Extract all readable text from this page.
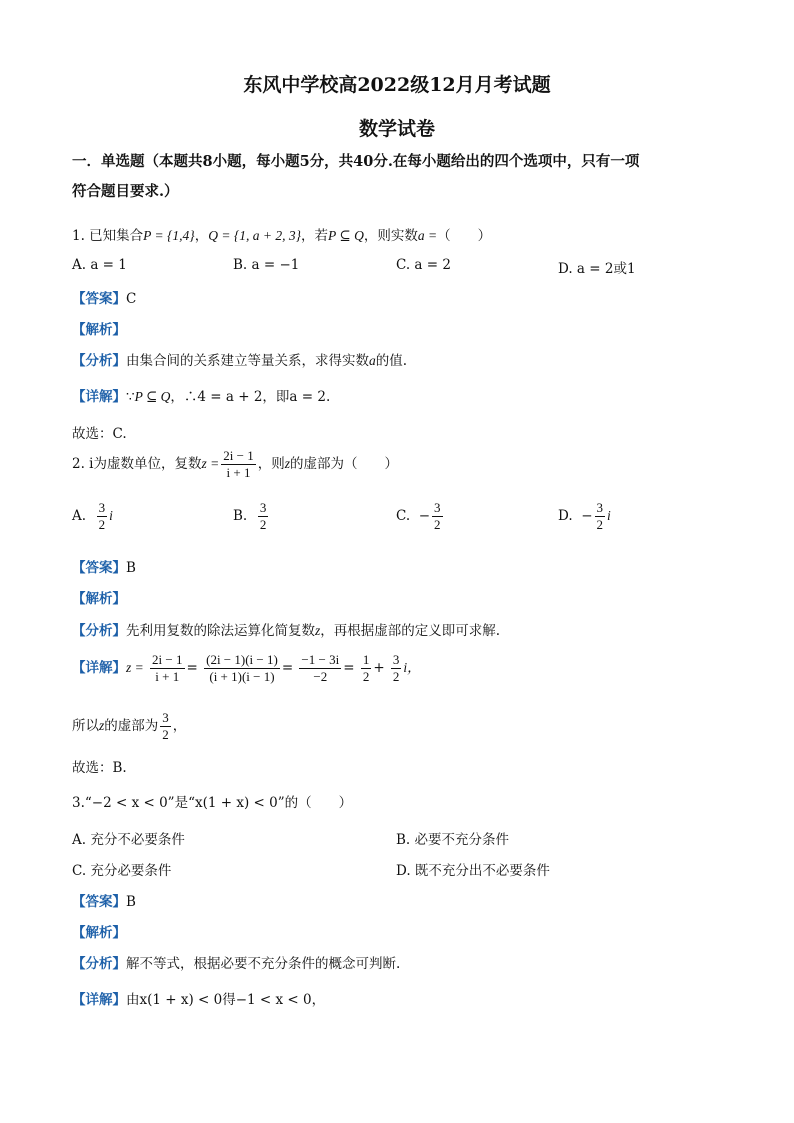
东风中学校高2022级12月月考试题
数学试卷
一．单选题（本题共8小题，每小题5分，共40分.在每小题给出的四个选项中，只有一项
符合题目要求.）
1. 已知集合P = {1,4}，Q = {1, a + 2, 3}，若P ⊆ Q，则实数a =（　　）
A. a = 1	B. a = −1	C. a = 2	D. a = 2或1
【答案】C
【解析】
【分析】由集合间的关系建立等量关系，求得实数a的值.
【详解】∵P ⊆ Q，∴4 = a + 2，即a = 2.
故选：C.
2. i为虚数单位，复数$z = \frac{2i - 1}{i + 1}$ ，则z的虚部为（　　）
A. $\frac{3}{2}$ i	B. $\frac{3}{2}$	C. − $\frac{3}{2}$	D. − $\frac{3}{2}$ i
【答案】B
【解析】
【分析】先利用复数的除法运算化简复数z，再根据虚部的定义即可求解.
【详解】$z = \frac{2i - 1}{i + 1} = \frac{(2i - 1)(i - 1)}{(i + 1)(i - 1)} = \frac{-1 - 3i}{-2} = \frac{1}{2} + \frac{3}{2}$ i，
所以z的虚部为 $\frac{3}{2}$ ，
故选：B.
3.“−2 < x < 0”是“x(1 + x) < 0”的（　　）
A. 充分不必要条件	B. 必要不充分条件
C. 充分必要条件	D. 既不充分出不必要条件
【答案】B
【解析】
【分析】解不等式，根据必要不充分条件的概念可判断.
【详解】由x(1 + x) < 0得−1 < x < 0，
